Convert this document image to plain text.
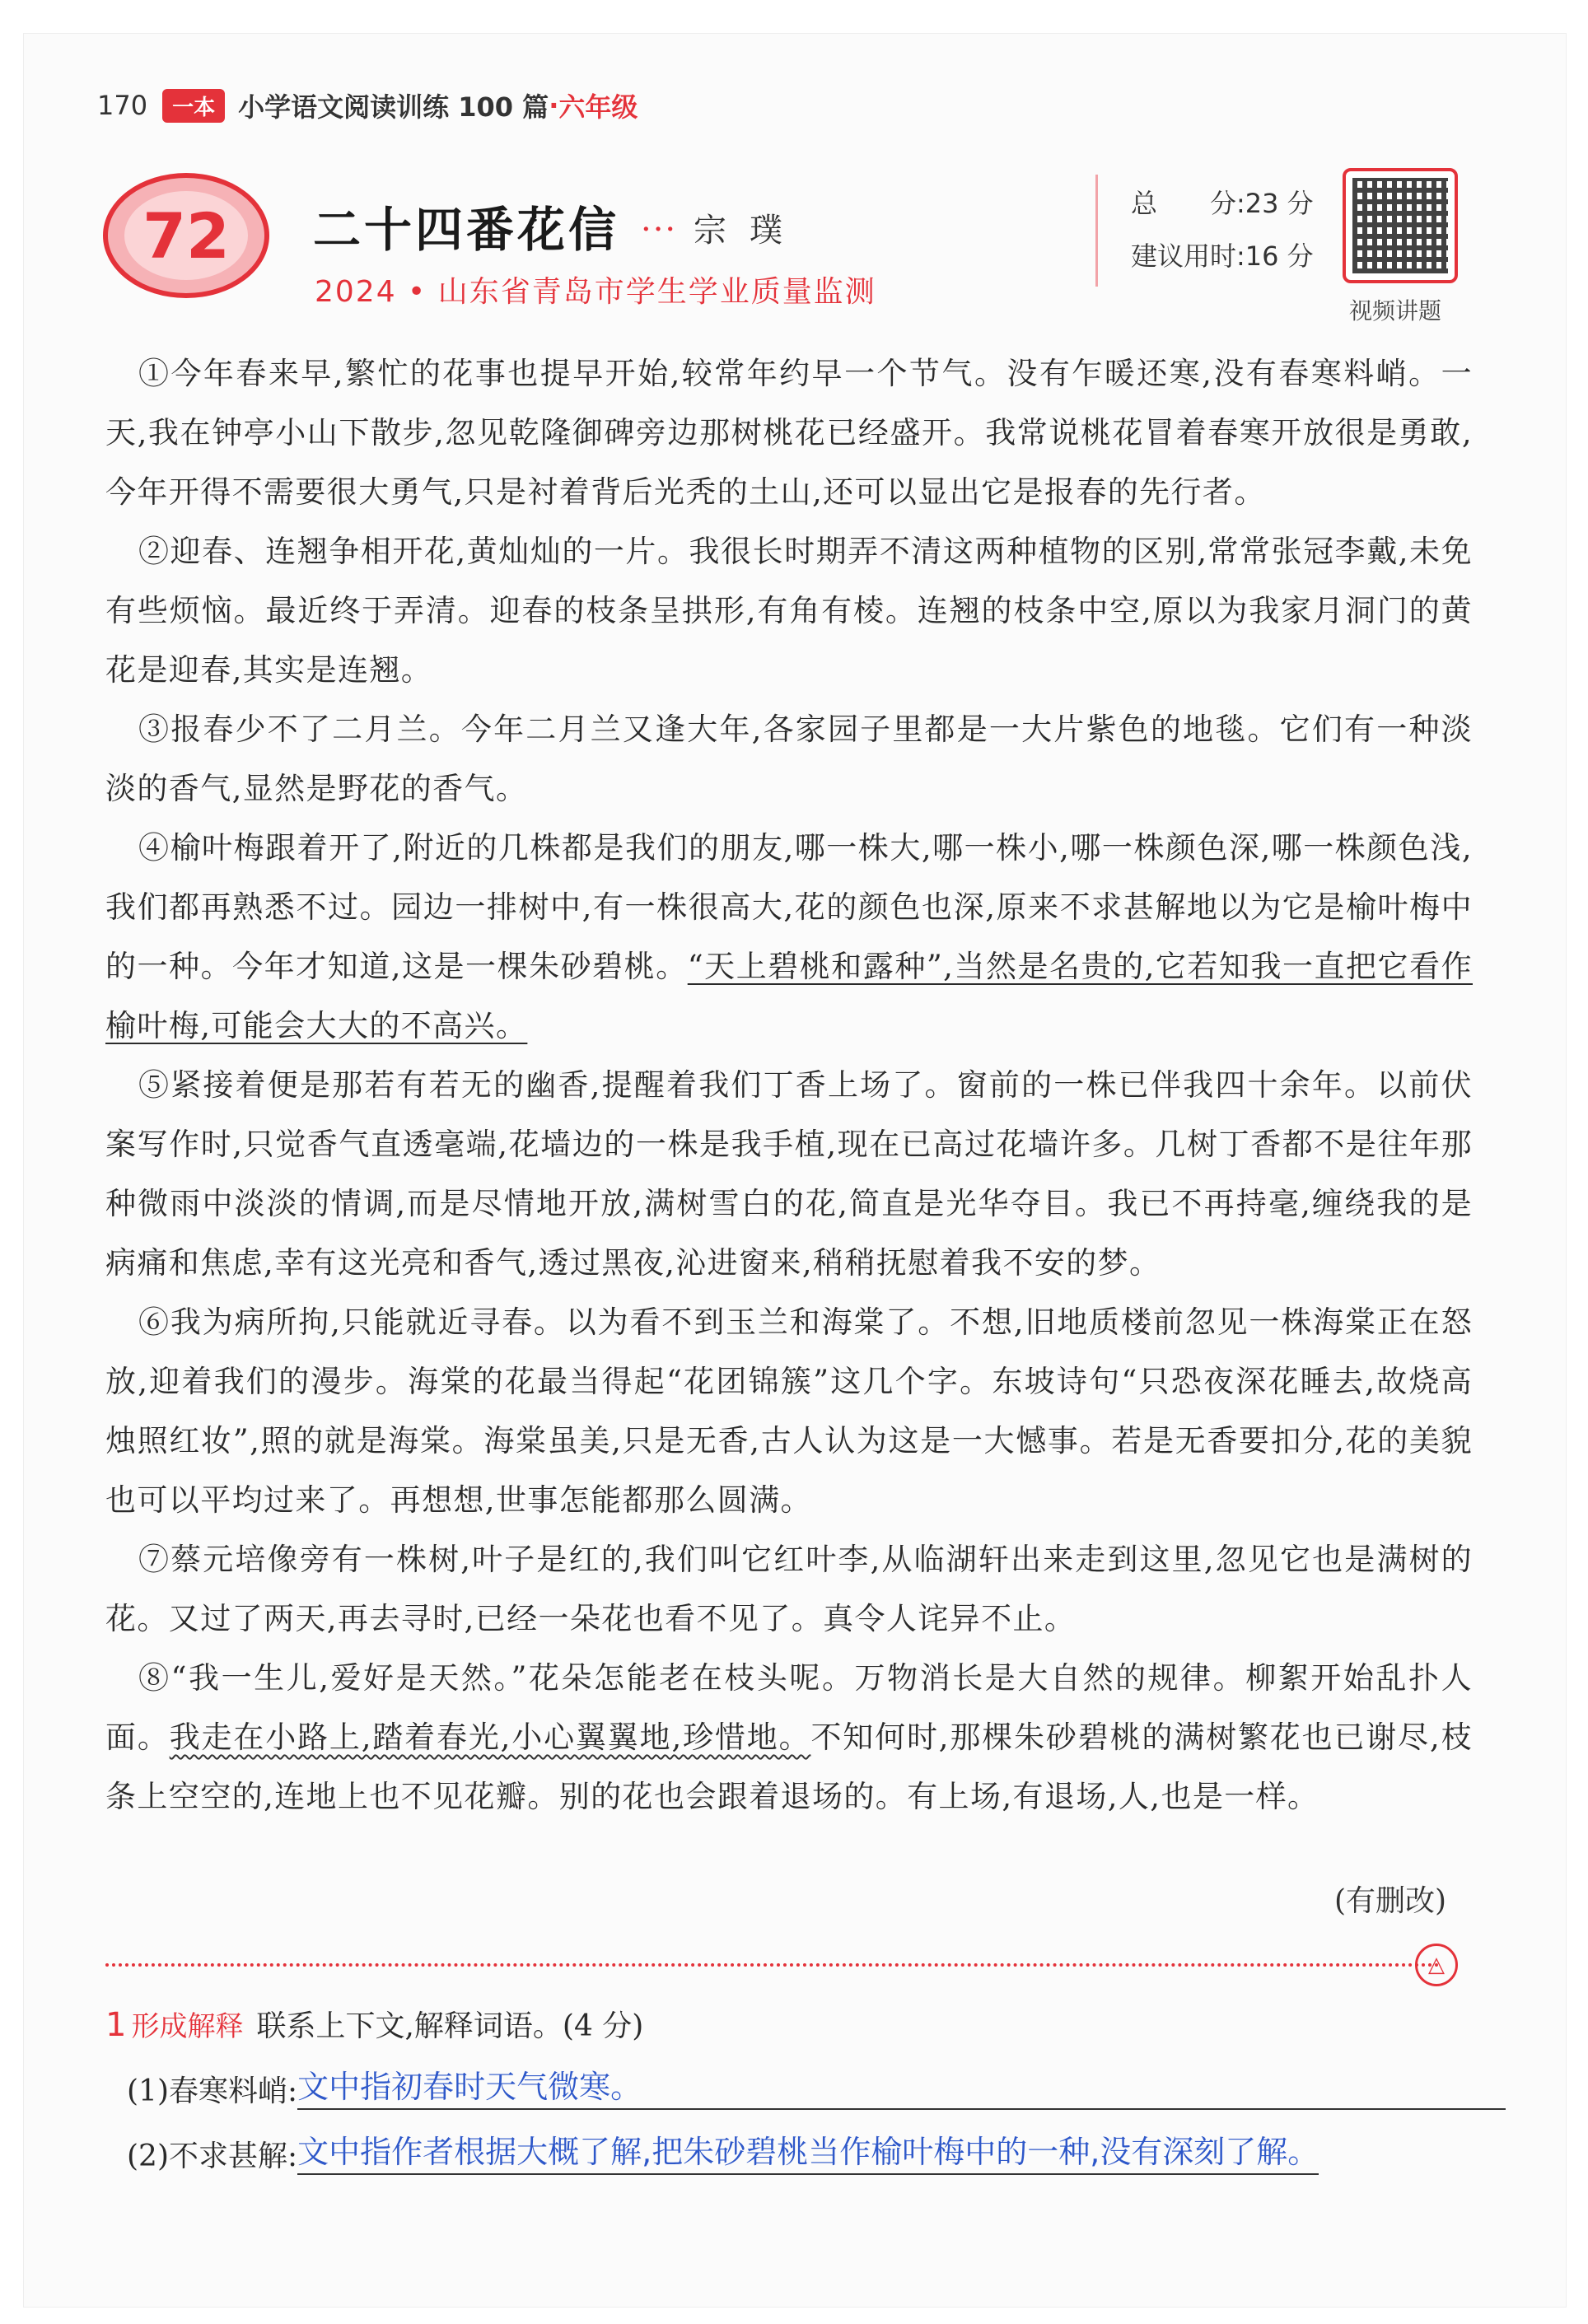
170	一本 小学语文阅读训练 100 篇 · 六年级
72	二十四番花信 ··· 宗璞
2024 • 山东省青岛市学生学业质量监测
总　　分:23 分
建议用时:16 分
视频讲题

①今年春来早,繁忙的花事也提早开始,较常年约早一个节气。没有乍暖还寒,没有春寒料峭。一天,我在钟亭小山下散步,忽见乾隆御碑旁边那树桃花已经盛开。我常说桃花冒着春寒开放很是勇敢,今年开得不需要很大勇气,只是衬着背后光秃的土山,还可以显出它是报春的先行者。

②迎春、连翘争相开花,黄灿灿的一片。我很长时期弄不清这两种植物的区别,常常张冠李戴,未免有些烦恼。最近终于弄清。迎春的枝条呈拱形,有角有棱。连翘的枝条中空,原以为我家月洞门的黄花是迎春,其实是连翘。

③报春少不了二月兰。今年二月兰又逢大年,各家园子里都是一大片紫色的地毯。它们有一种淡淡的香气,显然是野花的香气。

④榆叶梅跟着开了,附近的几株都是我们的朋友,哪一株大,哪一株小,哪一株颜色深,哪一株颜色浅,我们都再熟悉不过。园边一排树中,有一株很高大,花的颜色也深,原来不求甚解地以为它是榆叶梅中的一种。今年才知道,这是一棵朱砂碧桃。“天上碧桃和露种”,当然是名贵的,它若知我一直把它看作榆叶梅,可能会大大的不高兴。

⑤紧接着便是那若有若无的幽香,提醒着我们丁香上场了。窗前的一株已伴我四十余年。以前伏案写作时,只觉香气直透毫端,花墙边的一株是我手植,现在已高过花墙许多。几树丁香都不是往年那种微雨中淡淡的情调,而是尽情地开放,满树雪白的花,简直是光华夺目。我已不再持毫,缠绕我的是病痛和焦虑,幸有这光亮和香气,透过黑夜,沁进窗来,稍稍抚慰着我不安的梦。

⑥我为病所拘,只能就近寻春。以为看不到玉兰和海棠了。不想,旧地质楼前忽见一株海棠正在怒放,迎着我们的漫步。海棠的花最当得起“花团锦簇”这几个字。东坡诗句“只恐夜深花睡去,故烧高烛照红妆”,照的就是海棠。海棠虽美,只是无香,古人认为这是一大憾事。若是无香要扣分,花的美貌也可以平均过来了。再想想,世事怎能都那么圆满。

⑦蔡元培像旁有一株树,叶子是红的,我们叫它红叶李,从临湖轩出来走到这里,忽见它也是满树的花。又过了两天,再去寻时,已经一朵花也看不见了。真令人诧异不止。

⑧“我一生儿,爱好是天然。”花朵怎能老在枝头呢。万物消长是大自然的规律。柳絮开始乱扑人面。我走在小路上,踏着春光,小心翼翼地,珍惜地。不知何时,那棵朱砂碧桃的满树繁花也已谢尽,枝条上空空的,连地上也不见花瓣。别的花也会跟着退场的。有上场,有退场,人,也是一样。

(有删改)
△
1 形成解释 联系上下文,解释词语。(4 分)
(1)春寒料峭: 文中指初春时天气微寒。
(2)不求甚解: 文中指作者根据大概了解,把朱砂碧桃当作榆叶梅中的一种,没有深刻了解。
